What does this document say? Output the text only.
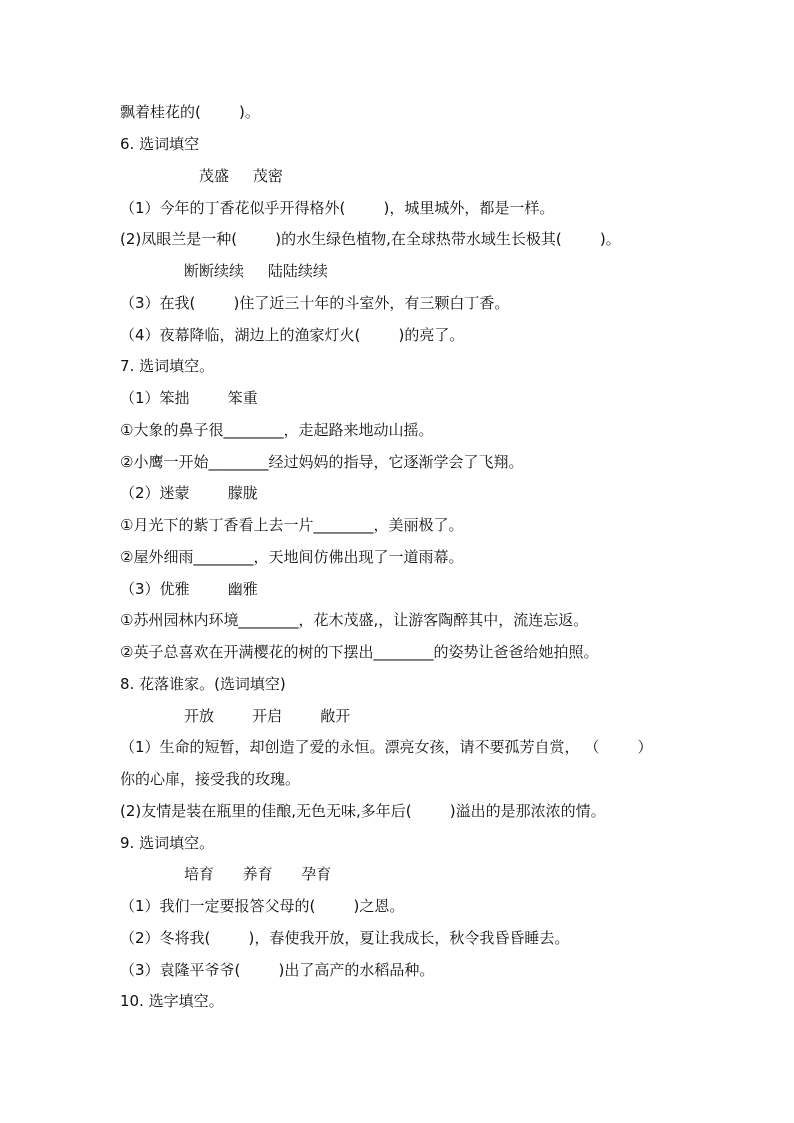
飘着桂花的(        )。
6. 选词填空
茂盛     茂密
（1）今年的丁香花似乎开得格外(        )，城里城外，都是一样。
(2)凤眼兰是一种(        )的水生绿色植物,在全球热带水域生长极其(        )。
断断续续     陆陆续续
（3）在我(        )住了近三十年的斗室外，有三颗白丁香。
（4）夜幕降临，湖边上的渔家灯火(        )的亮了。
7. 选词填空。
（1）笨拙        笨重
①大象的鼻子很________，走起路来地动山摇。
②小鹰一开始________经过妈妈的指导，它逐渐学会了飞翔。
（2）迷蒙        朦胧
①月光下的紫丁香看上去一片________，美丽极了。
②屋外细雨________，天地间仿佛出现了一道雨幕。
（3）优雅        幽雅
①苏州园林内环境________，花木茂盛,，让游客陶醉其中，流连忘返。
②英子总喜欢在开满樱花的树的下摆出________的姿势让爸爸给她拍照。
8. 花落谁家。(选词填空)
开放        开启        敞开
（1）生命的短暂，却创造了爱的永恒。漂亮女孩，请不要孤芳自赏， （        ）
你的心扉，接受我的玫瑰。
(2)友情是装在瓶里的佳酿,无色无味,多年后(        )溢出的是那浓浓的情。
9. 选词填空。
培育      养育      孕育
（1）我们一定要报答父母的(        )之恩。
（2）冬将我(        )，春使我开放，夏让我成长，秋令我昏昏睡去。
（3）袁隆平爷爷(        )出了高产的水稻品种。
10. 选字填空。
